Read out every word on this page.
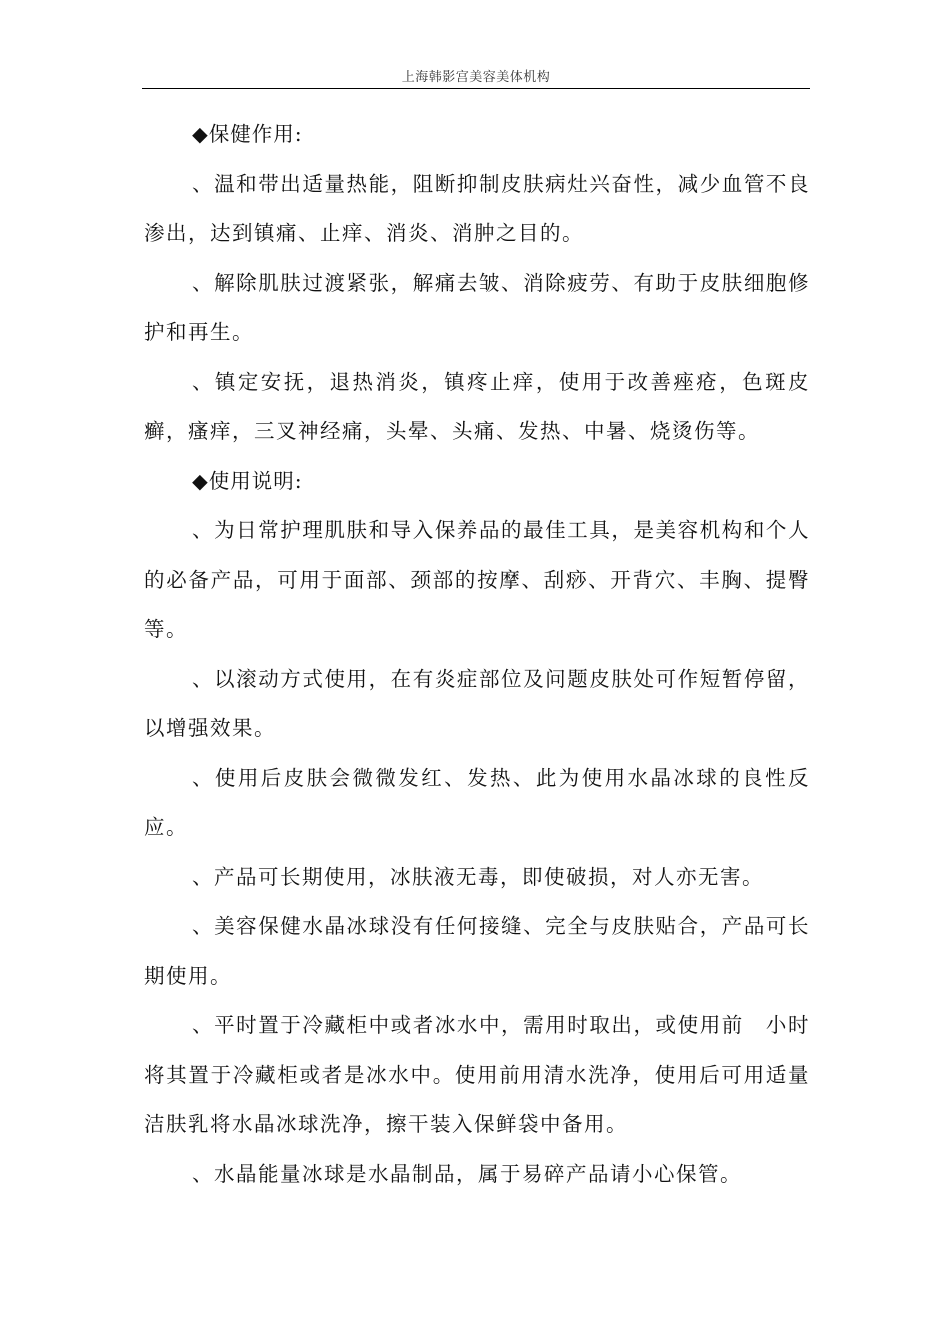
上海韩影宫美容美体机构

◆保健作用:

、温和带出适量热能，阻断抑制皮肤病灶兴奋性，减少血管不良渗出，达到镇痛、止痒、消炎、消肿之目的。

、解除肌肤过渡紧张，解痛去皱、消除疲劳、有助于皮肤细胞修护和再生。

、镇定安抚，退热消炎，镇疼止痒，使用于改善痤疮，色斑皮癣，瘙痒，三叉神经痛，头晕、头痛、发热、中暑、烧烫伤等。

◆使用说明:

、为日常护理肌肤和导入保养品的最佳工具，是美容机构和个人的必备产品，可用于面部、颈部的按摩、刮痧、开背穴、丰胸、提臀等。

、以滚动方式使用，在有炎症部位及问题皮肤处可作短暂停留，以增强效果。

、使用后皮肤会微微发红、发热、此为使用水晶冰球的良性反应。

、产品可长期使用，冰肤液无毒，即使破损，对人亦无害。

、美容保健水晶冰球没有任何接缝、完全与皮肤贴合，产品可长期使用。

、平时置于冷藏柜中或者冰水中，需用时取出，或使用前　小时将其置于冷藏柜或者是冰水中。使用前用清水洗净，使用后可用适量洁肤乳将水晶冰球洗净，擦干装入保鲜袋中备用。

、水晶能量冰球是水晶制品，属于易碎产品请小心保管。
